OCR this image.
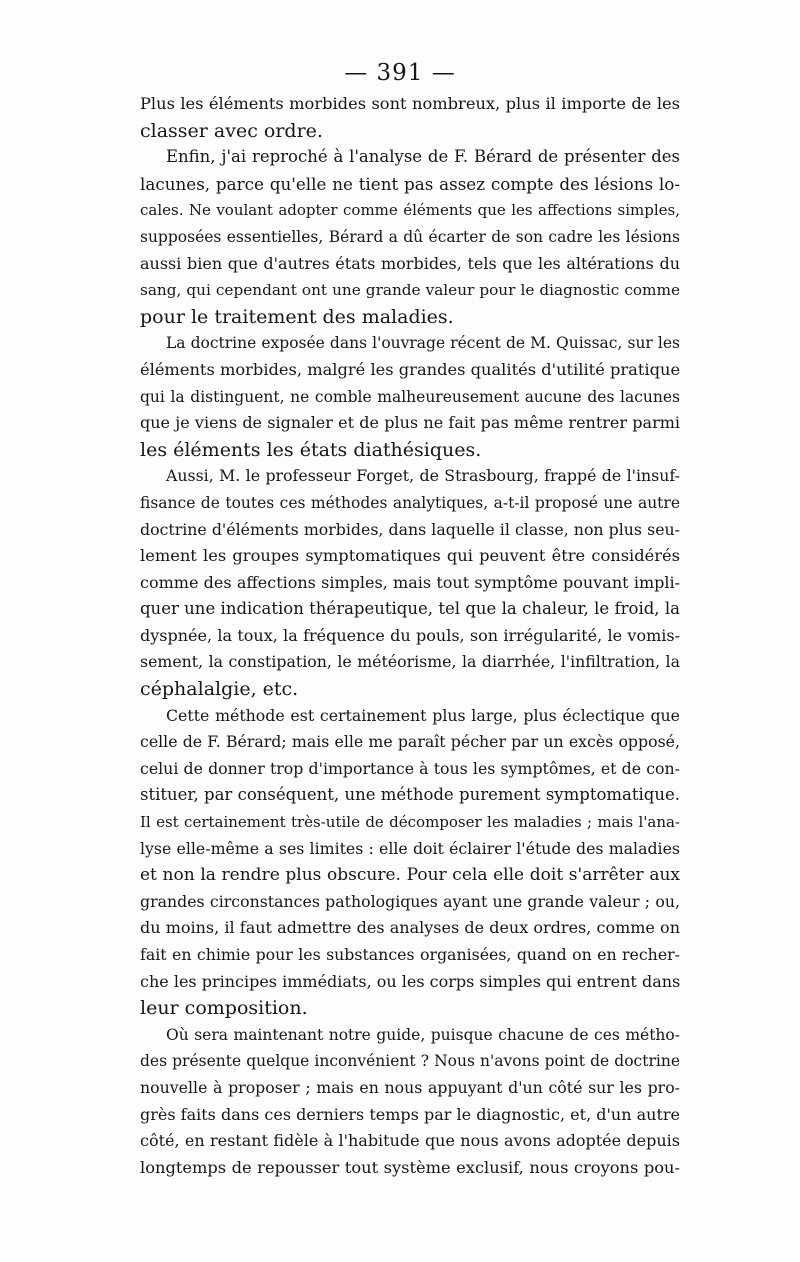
— 391 —
Plus les éléments morbides sont nombreux, plus il importe de les
classer avec ordre.
Enfin, j'ai reproché à l'analyse de F. Bérard de présenter des
lacunes, parce qu'elle ne tient pas assez compte des lésions lo-
cales. Ne voulant adopter comme éléments que les affections simples,
supposées essentielles, Bérard a dû écarter de son cadre les lésions
aussi bien que d'autres états morbides, tels que les altérations du
sang, qui cependant ont une grande valeur pour le diagnostic comme
pour le traitement des maladies.
La doctrine exposée dans l'ouvrage récent de M. Quissac, sur les
éléments morbides, malgré les grandes qualités d'utilité pratique
qui la distinguent, ne comble malheureusement aucune des lacunes
que je viens de signaler et de plus ne fait pas même rentrer parmi
les éléments les états diathésiques.
Aussi, M. le professeur Forget, de Strasbourg, frappé de l'insuf-
fisance de toutes ces méthodes analytiques, a-t-il proposé une autre
doctrine d'éléments morbides, dans laquelle il classe, non plus seu-
lement les groupes symptomatiques qui peuvent être considérés
comme des affections simples, mais tout symptôme pouvant impli-
quer une indication thérapeutique, tel que la chaleur, le froid, la
dyspnée, la toux, la fréquence du pouls, son irrégularité, le vomis-
sement, la constipation, le météorisme, la diarrhée, l'infiltration, la
céphalalgie, etc.
Cette méthode est certainement plus large, plus éclectique que
celle de F. Bérard; mais elle me paraît pécher par un excès opposé,
celui de donner trop d'importance à tous les symptômes, et de con-
stituer, par conséquent, une méthode purement symptomatique.
Il est certainement très-utile de décomposer les maladies ; mais l'ana-
lyse elle-même a ses limites : elle doit éclairer l'étude des maladies
et non la rendre plus obscure. Pour cela elle doit s'arrêter aux
grandes circonstances pathologiques ayant une grande valeur ; ou,
du moins, il faut admettre des analyses de deux ordres, comme on
fait en chimie pour les substances organisées, quand on en recher-
che les principes immédiats, ou les corps simples qui entrent dans
leur composition.
Où sera maintenant notre guide, puisque chacune de ces métho-
des présente quelque inconvénient ? Nous n'avons point de doctrine
nouvelle à proposer ; mais en nous appuyant d'un côté sur les pro-
grès faits dans ces derniers temps par le diagnostic, et, d'un autre
côté, en restant fidèle à l'habitude que nous avons adoptée depuis
longtemps de repousser tout système exclusif, nous croyons pou-
